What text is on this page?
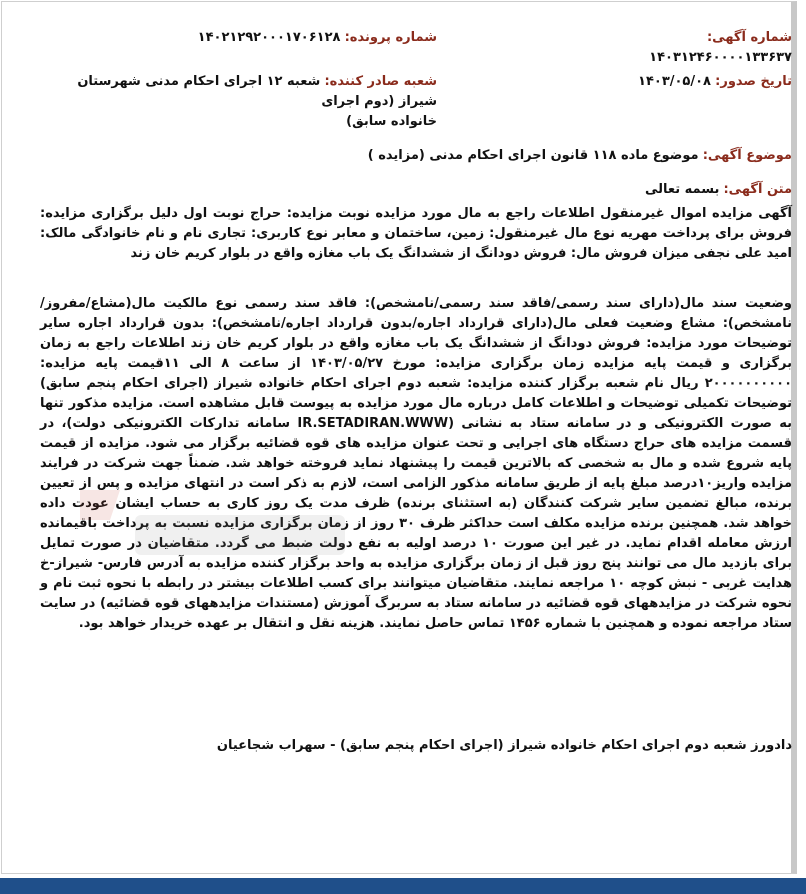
شماره آگهی: ۱۴۰۳۱۲۴۶۰۰۰۰۱۳۳۶۳۷
شماره پرونده: ۱۴۰۲۱۲۹۲۰۰۰۱۷۰۶۱۲۸
تاریخ صدور: ۱۴۰۳/۰۵/۰۸
شعبه صادر کننده: شعبه ۱۲ اجرای احکام مدنی شهرستان شیراز (دوم اجرای
خانواده سابق)
موضوع آگهی: موضوع ماده ۱۱۸ قانون اجرای احکام مدنی (مزایده )
متن آگهی: بسمه تعالی
آگهی مزایده اموال غیرمنقول اطلاعات راجع به مال مورد مزایده نوبت مزایده: حراج نوبت اول دلیل برگزاری مزایده: فروش برای پرداخت مهریه نوع مال غیرمنقول: زمین، ساختمان و معابر نوع کاربری: تجاری نام و نام خانوادگی مالک: امید علی نجفی میزان فروش مال: فروش دودانگ از ششدانگ یک باب مغازه واقع در بلوار کریم خان زند
وضعیت سند مال(دارای سند رسمی/فاقد سند رسمی/نامشخص): فاقد سند رسمی نوع مالکیت مال(مشاع/مفروز/نامشخص): مشاع وضعیت فعلی مال(دارای قرارداد اجاره/بدون قرارداد اجاره/نامشخص): بدون قرارداد اجاره سایر توضیحات مورد مزایده: فروش دودانگ از ششدانگ یک باب مغازه واقع در بلوار کریم خان زند اطلاعات راجع به زمان برگزاری و قیمت پایه مزایده زمان برگزاری مزایده: مورخ ۱۴۰۳/۰۵/۲۷ از ساعت ۸ الی ۱۱قیمت پایه مزایده: ۲۰۰۰۰۰۰۰۰۰۰ ریال نام شعبه برگزار کننده مزایده: شعبه دوم اجرای احکام خانواده شیراز (اجرای احکام پنجم سابق) توضیحات تکمیلی توضیحات و اطلاعات کامل درباره مال مورد مزایده به پیوست قابل مشاهده است. مزایده مذکور تنها به صورت الکترونیکی و در سامانه ستاد به نشانی (IR.SETADIRAN.WWW سامانه تدارکات الکترونیکی دولت)، در قسمت مزایده های حراج دستگاه های اجرایی و تحت عنوان مزایده های قوه قضائیه برگزار می شود. مزایده از قیمت پایه شروع شده و مال به شخصی که بالاترین قیمت را پیشنهاد نماید فروخته خواهد شد. ضمناً جهت شرکت در فرایند مزایده واریز۱۰درصد مبلغ پایه از طریق سامانه مذکور الزامی است، لازم به ذکر است در انتهای مزایده و پس از تعیین برنده، مبالغ تضمین سایر شرکت کنندگان (به استثنای برنده) ظرف مدت یک روز کاری به حساب ایشان عودت داده خواهد شد. همچنین برنده مزایده مکلف است حداکثر ظرف ۳۰ روز از زمان برگزاری مزایده نسبت به پرداخت باقیمانده ارزش معامله اقدام نماید. در غیر این صورت ۱۰ درصد اولیه به نفع دولت ضبط می گردد. متقاضیان در صورت تمایل برای بازدید مال می توانند پنج روز قبل از زمان برگزاری مزایده به واحد برگزار کننده مزایده به آدرس فارس- شیراز-خ هدایت غربی - نبش کوچه ۱۰ مراجعه نمایند. متقاضیان میتوانند برای کسب اطلاعات بیشتر در رابطه با نحوه ثبت نام و نحوه شرکت در مزایدههای قوه قضائیه در سامانه ستاد به سربرگ آموزش (مستندات مزایدههای قوه قضائیه) در سایت ستاد مراجعه نموده و همچنین با شماره ۱۴۵۶ تماس حاصل نمایند. هزینه نقل و انتقال بر عهده خریدار خواهد بود.
دادورز شعبه دوم اجرای احکام خانواده شیراز (اجرای احکام پنجم سابق) - سهراب شجاعیان
